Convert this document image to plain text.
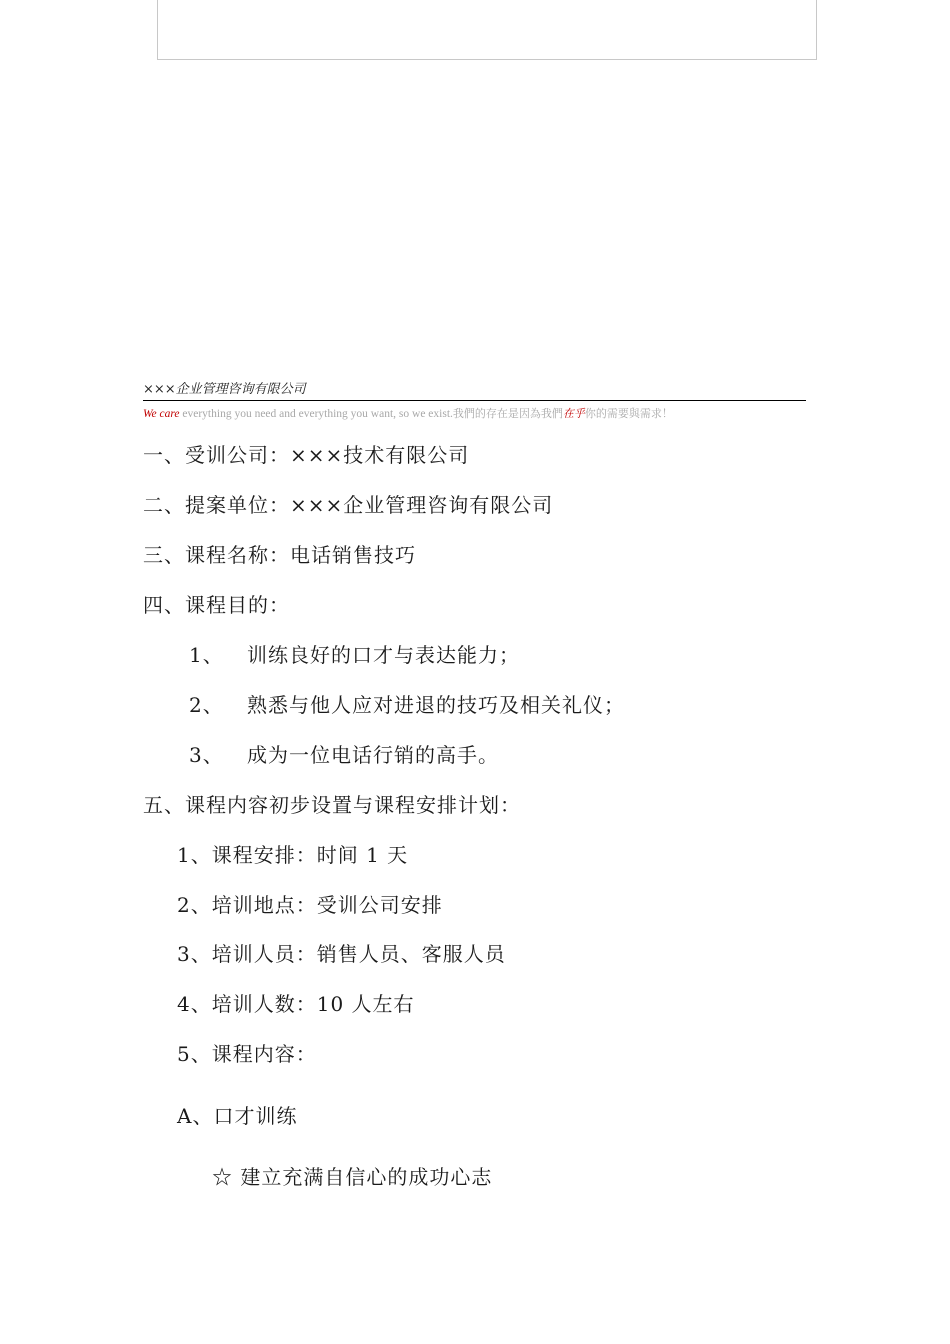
×××企业管理咨询有限公司
We care everything you need and everything you want, so we exist.我們的存在是因為我們在乎你的需要與需求！
一、受训公司：×××技术有限公司
二、提案单位：×××企业管理咨询有限公司
三、课程名称：电话销售技巧
四、课程目的：
1、 训练良好的口才与表达能力；
2、 熟悉与他人应对进退的技巧及相关礼仪；
3、 成为一位电话行销的高手。
五、课程内容初步设置与课程安排计划：
1、课程安排：时间 1 天
2、培训地点：受训公司安排
3、培训人员：销售人员、客服人员
4、培训人数：10 人左右
5、课程内容：
A、口才训练
☆ 建立充满自信心的成功心志
